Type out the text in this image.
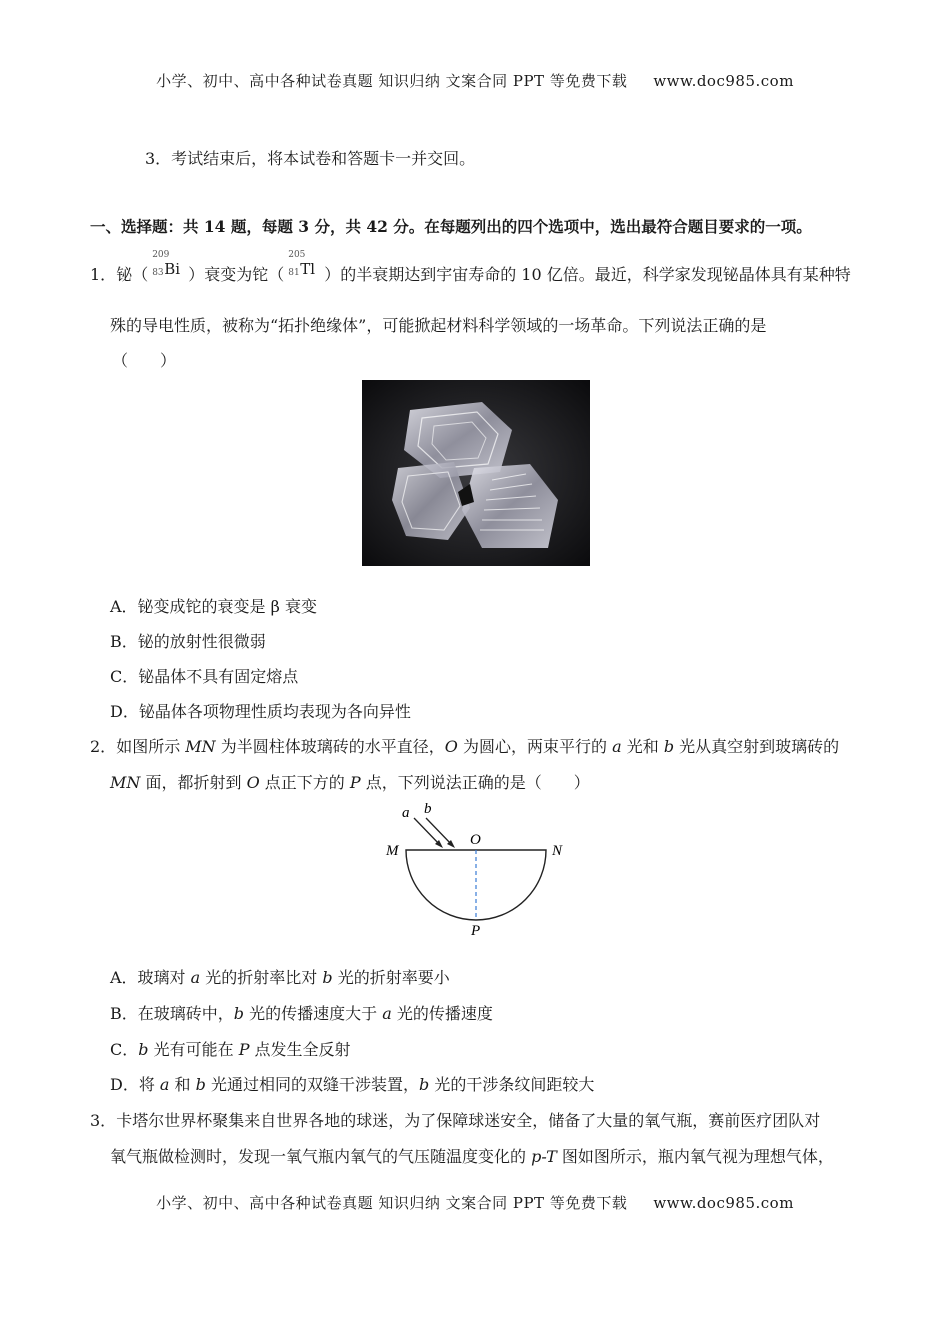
小学、初中、高中各种试卷真题 知识归纳 文案合同 PPT 等免费下载 www.doc985.com
3．考试结束后，将本试卷和答题卡一并交回。
一、选择题：共 14 题，每题 3 分，共 42 分。在每题列出的四个选项中，选出最符合题目要求的一项。
1．铋（
209
83 Bi ）衰变为铊（
205
81 Tl ）的半衰期达到宇宙寿命的 10 亿倍。最近，科学家发现铋晶体具有某种特
殊的导电性质，被称为“拓扑绝缘体”，可能掀起材料科学领域的一场革命。下列说法正确的是
（　　）
A．铋变成铊的衰变是 β 衰变
B．铋的放射性很微弱
C．铋晶体不具有固定熔点
D．铋晶体各项物理性质均表现为各向异性
2．如图所示 MN 为半圆柱体玻璃砖的水平直径，O 为圆心，两束平行的 a 光和 b 光从真空射到玻璃砖的
MN 面，都折射到 O 点正下方的 P 点，下列说法正确的是（　　）
a b
O
M	N
P
A．玻璃对 a 光的折射率比对 b 光的折射率要小
B．在玻璃砖中，b 光的传播速度大于 a 光的传播速度
C．b 光有可能在 P 点发生全反射
D．将 a 和 b 光通过相同的双缝干涉装置，b 光的干涉条纹间距较大
3．卡塔尔世界杯聚集来自世界各地的球迷，为了保障球迷安全，储备了大量的氧气瓶，赛前医疗团队对
氧气瓶做检测时，发现一氧气瓶内氧气的气压随温度变化的 p-T 图如图所示，瓶内氧气视为理想气体，
小学、初中、高中各种试卷真题 知识归纳 文案合同 PPT 等免费下载 www.doc985.com
